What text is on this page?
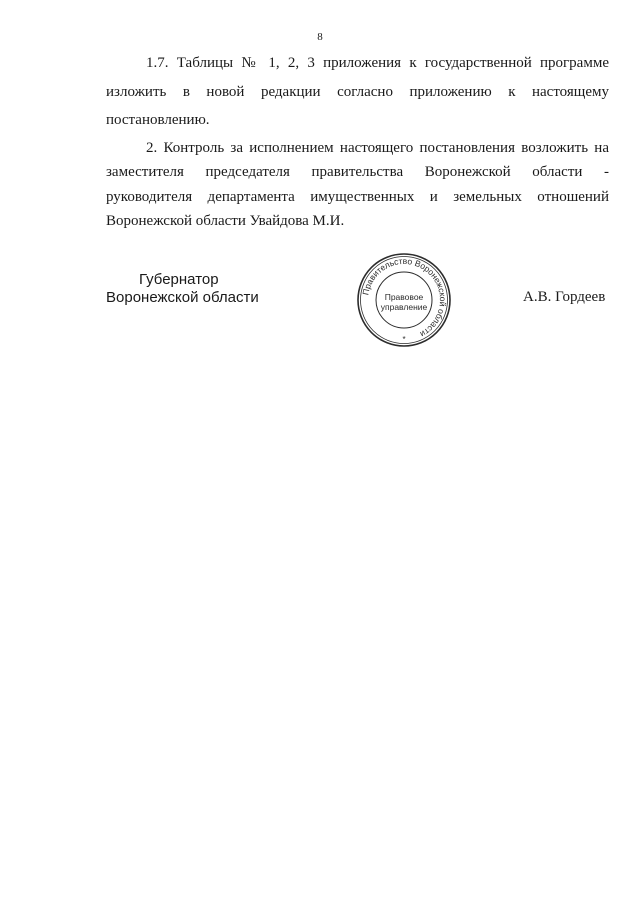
8

1.7. Таблицы № 1, 2, 3 приложения к государственной программе

изложить в новой редакции согласно приложению к настоящему

постановлению.

2. Контроль за исполнением настоящего постановления возложить на

заместителя председателя правительства Воронежской области -

руководителя департамента имущественных и земельных отношений

Воронежской области Увайдова М.И.

Губернатор

Воронежской области	А.В. Гордеев

Правительство Воронежской области
Правовое
управление
*
